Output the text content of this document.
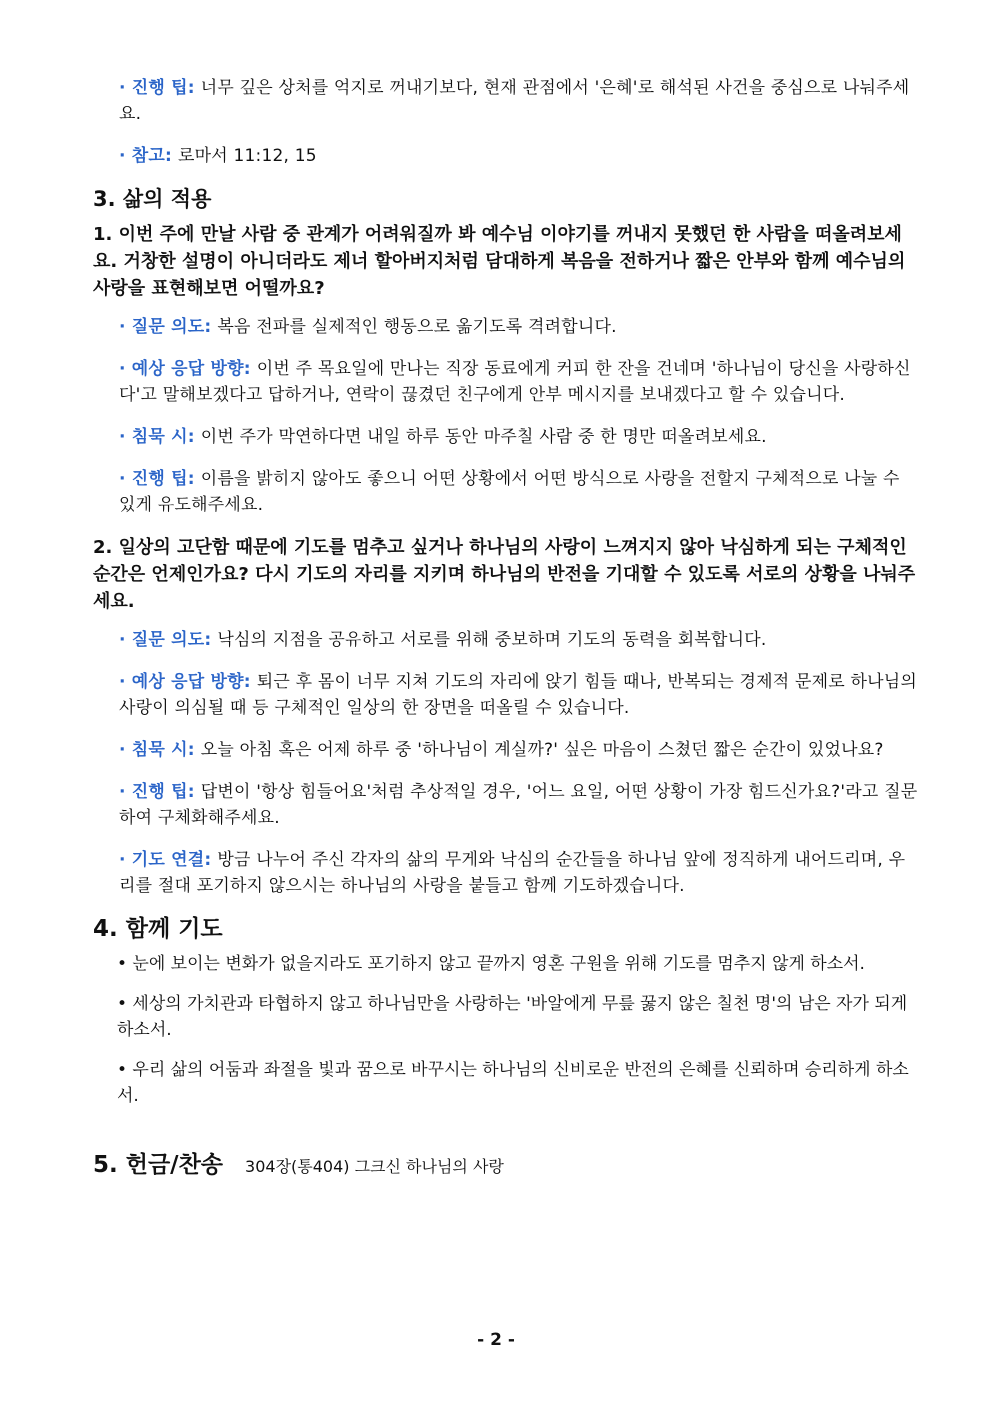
· 진행 팁: 너무 깊은 상처를 억지로 꺼내기보다, 현재 관점에서 '은혜'로 해석된 사건을 중심으로 나눠주세요.
· 참고: 로마서 11:12, 15
3. 삶의 적용
1. 이번 주에 만날 사람 중 관계가 어려워질까 봐 예수님 이야기를 꺼내지 못했던 한 사람을 떠올려보세요. 거창한 설명이 아니더라도 제너 할아버지처럼 담대하게 복음을 전하거나 짧은 안부와 함께 예수님의 사랑을 표현해보면 어떨까요?
· 질문 의도: 복음 전파를 실제적인 행동으로 옮기도록 격려합니다.
· 예상 응답 방향: 이번 주 목요일에 만나는 직장 동료에게 커피 한 잔을 건네며 '하나님이 당신을 사랑하신다'고 말해보겠다고 답하거나, 연락이 끊겼던 친구에게 안부 메시지를 보내겠다고 할 수 있습니다.
· 침묵 시: 이번 주가 막연하다면 내일 하루 동안 마주칠 사람 중 한 명만 떠올려보세요.
· 진행 팁: 이름을 밝히지 않아도 좋으니 어떤 상황에서 어떤 방식으로 사랑을 전할지 구체적으로 나눌 수 있게 유도해주세요.
2. 일상의 고단함 때문에 기도를 멈추고 싶거나 하나님의 사랑이 느껴지지 않아 낙심하게 되는 구체적인 순간은 언제인가요? 다시 기도의 자리를 지키며 하나님의 반전을 기대할 수 있도록 서로의 상황을 나눠주세요.
· 질문 의도: 낙심의 지점을 공유하고 서로를 위해 중보하며 기도의 동력을 회복합니다.
· 예상 응답 방향: 퇴근 후 몸이 너무 지쳐 기도의 자리에 앉기 힘들 때나, 반복되는 경제적 문제로 하나님의 사랑이 의심될 때 등 구체적인 일상의 한 장면을 떠올릴 수 있습니다.
· 침묵 시: 오늘 아침 혹은 어제 하루 중 '하나님이 계실까?' 싶은 마음이 스쳤던 짧은 순간이 있었나요?
· 진행 팁: 답변이 '항상 힘들어요'처럼 추상적일 경우, '어느 요일, 어떤 상황이 가장 힘드신가요?'라고 질문하여 구체화해주세요.
· 기도 연결: 방금 나누어 주신 각자의 삶의 무게와 낙심의 순간들을 하나님 앞에 정직하게 내어드리며, 우리를 절대 포기하지 않으시는 하나님의 사랑을 붙들고 함께 기도하겠습니다.
4. 함께 기도
• 눈에 보이는 변화가 없을지라도 포기하지 않고 끝까지 영혼 구원을 위해 기도를 멈추지 않게 하소서.
• 세상의 가치관과 타협하지 않고 하나님만을 사랑하는 '바알에게 무릎 꿇지 않은 칠천 명'의 남은 자가 되게 하소서.
• 우리 삶의 어둠과 좌절을 빛과 꿈으로 바꾸시는 하나님의 신비로운 반전의 은혜를 신뢰하며 승리하게 하소서.
5. 헌금/찬송 304장(통404) 그크신 하나님의 사랑
- 2 -
